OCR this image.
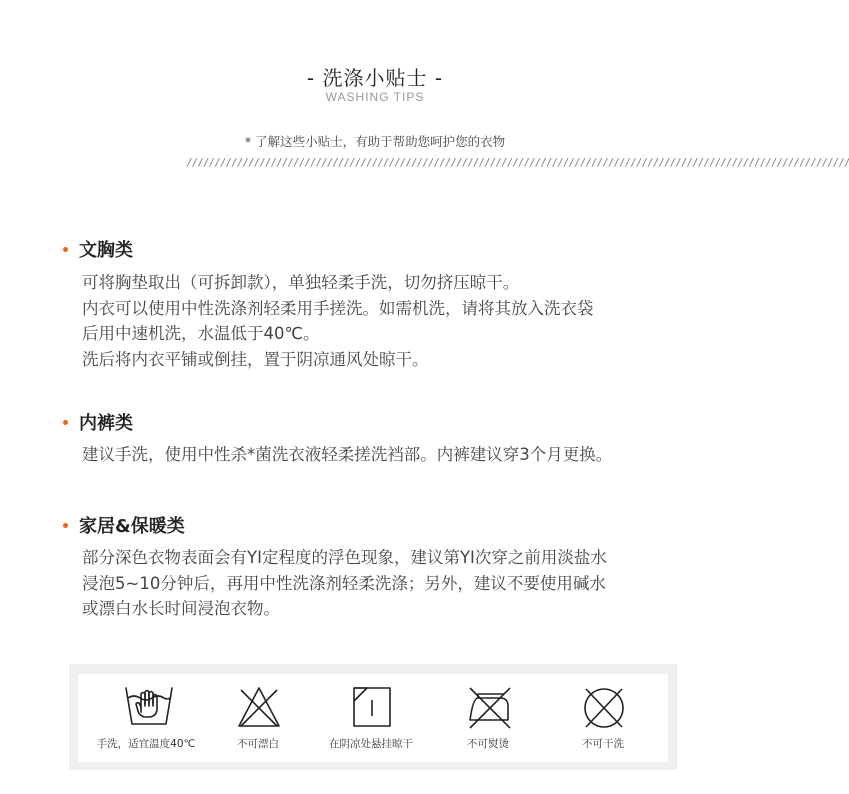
- 洗涤小贴士 -
WASHING TIPS
* 了解这些小贴士，有助于帮助您呵护您的衣物
//////////////////////////////////////////////////////////////////////////////////////////////////////////////////////
文胸类
可将胸垫取出（可拆卸款），单独轻柔手洗，切勿挤压晾干。
内衣可以使用中性洗涤剂轻柔用手搓洗。如需机洗，请将其放入洗衣袋
后用中速机洗，水温低于40℃。
洗后将内衣平铺或倒挂，置于阴凉通风处晾干。
内裤类
建议手洗，使用中性杀*菌洗衣液轻柔搓洗裆部。内裤建议穿3个月更换。
家居&保暖类
部分深色衣物表面会有YI定程度的浮色现象，建议第YI次穿之前用淡盐水
浸泡5~10分钟后，再用中性洗涤剂轻柔洗涤；另外，建议不要使用碱水
或漂白水长时间浸泡衣物。
手洗，适宜温度40℃	不可漂白	在阴凉处悬挂晾干	不可熨烫	不可干洗
